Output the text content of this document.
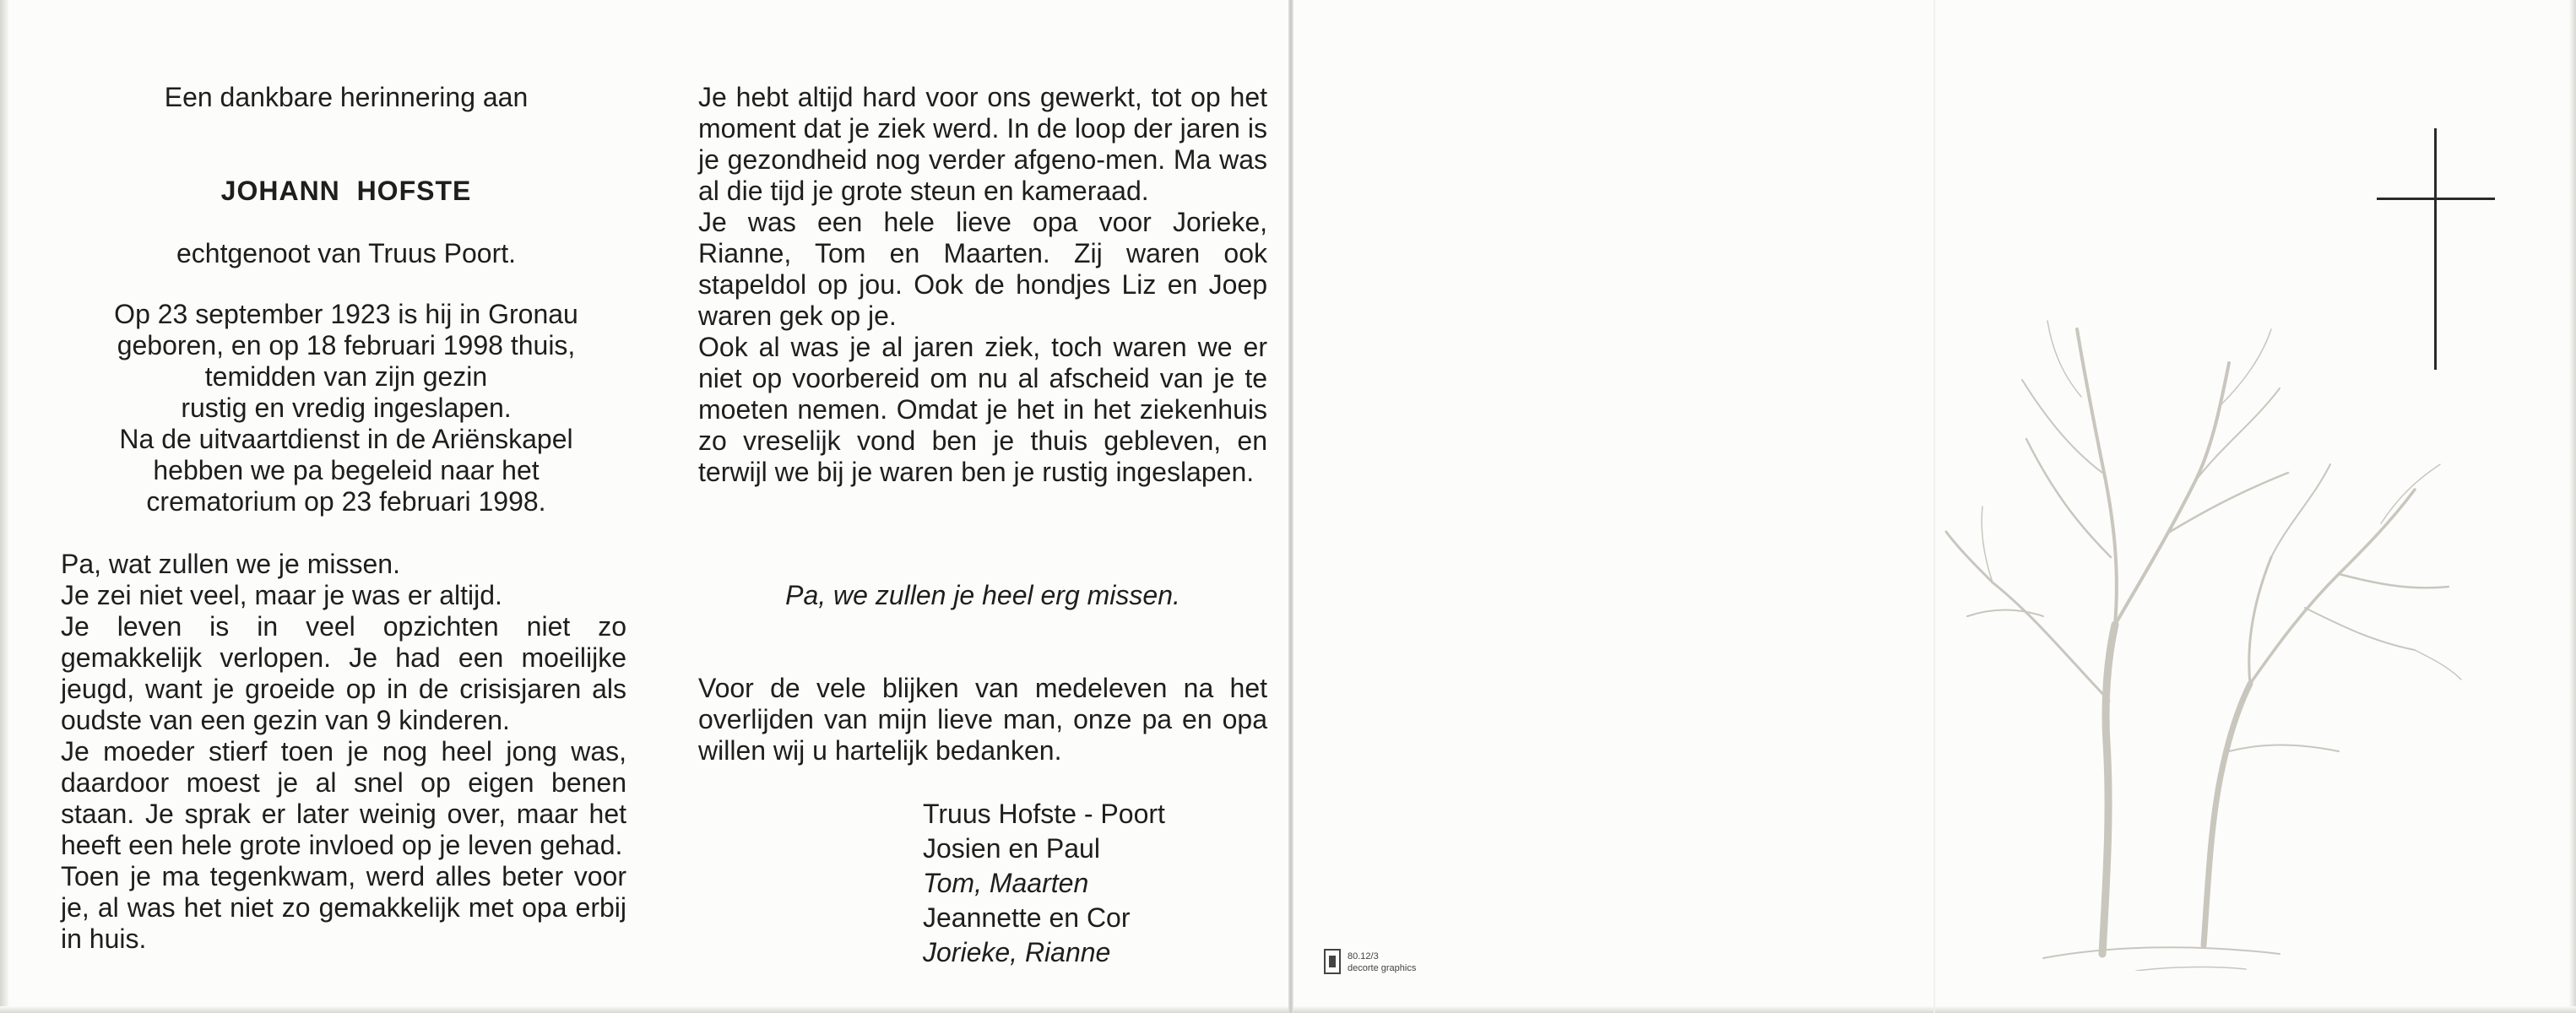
Een dankbare herinnering aan

JOHANN  HOFSTE

echtgenoot van Truus Poort.

Op 23 september 1923 is hij in Gronau
geboren, en op 18 februari 1998 thuis,
temidden van zijn gezin
rustig en vredig ingeslapen.
Na de uitvaartdienst in de Ariënskapel
hebben we pa begeleid naar het
crematorium op 23 februari 1998.
Pa, wat zullen we je missen.
Je zei niet veel, maar je was er altijd.
Je leven is in veel opzichten niet zo gemakkelijk verlopen. Je had een moeilijke jeugd, want je groeide op in de crisisjaren als oudste van een gezin van 9 kinderen.
Je moeder stierf toen je nog heel jong was, daardoor moest je al snel op eigen benen staan. Je sprak er later weinig over, maar het heeft een hele grote invloed op je leven gehad.
Toen je ma tegenkwam, werd alles beter voor je, al was het niet zo gemakkelijk met opa erbij in huis.
Je hebt altijd hard voor ons gewerkt, tot op het moment dat je ziek werd. In de loop der jaren is je gezondheid nog verder afgeno-men. Ma was al die tijd je grote steun en kameraad.
Je was een hele lieve opa voor Jorieke, Rianne, Tom en Maarten. Zij waren ook stapeldol op jou. Ook de hondjes Liz en Joep waren gek op je.
Ook al was je al jaren ziek, toch waren we er niet op voorbereid om nu al afscheid van je te moeten nemen. Omdat je het in het ziekenhuis zo vreselijk vond ben je thuis gebleven, en terwijl we bij je waren ben je rustig ingeslapen.

Pa, we zullen je heel erg missen.

Voor de vele blijken van medeleven na het overlijden van mijn lieve man, onze pa en opa willen wij u hartelijk bedanken.

Truus Hofste - Poort
Josien en Paul
Tom, Maarten
Jeannette en Cor
Jorieke, Rianne	80.12/3
decorte graphics
